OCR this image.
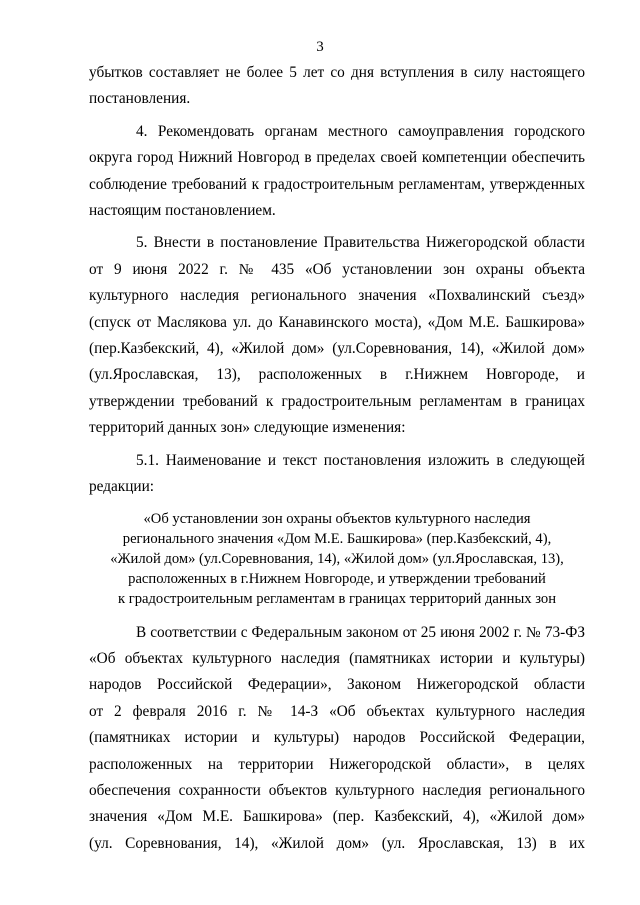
3

убытков составляет не более 5 лет со дня вступления в силу настоящего
постановления.

4. Рекомендовать органам местного самоуправления городского
округа город Нижний Новгород в пределах своей компетенции обеспечить
соблюдение требований к градостроительным регламентам, утвержденных
настоящим постановлением.

5. Внести в постановление Правительства Нижегородской области
от 9 июня 2022 г. № 435 «Об установлении зон охраны объекта
культурного наследия регионального значения «Похвалинский съезд»
(спуск от Маслякова ул. до Канавинского моста), «Дом М.Е. Башкирова»
(пер.Казбекский, 4), «Жилой дом» (ул.Соревнования, 14), «Жилой дом»
(ул.Ярославская, 13), расположенных в г.Нижнем Новгороде, и
утверждении требований к градостроительным регламентам в границах
территорий данных зон» следующие изменения:

5.1. Наименование и текст постановления изложить в следующей
редакции:

«Об установлении зон охраны объектов культурного наследия
регионального значения «Дом М.Е. Башкирова» (пер.Казбекский, 4),
«Жилой дом» (ул.Соревнования, 14), «Жилой дом» (ул.Ярославская, 13),
расположенных в г.Нижнем Новгороде, и утверждении требований
к градостроительным регламентам в границах территорий данных зон

В соответствии с Федеральным законом от 25 июня 2002 г. № 73-ФЗ
«Об объектах культурного наследия (памятниках истории и культуры)
народов Российской Федерации», Законом Нижегородской области
от 2 февраля 2016 г. № 14-З «Об объектах культурного наследия
(памятниках истории и культуры) народов Российской Федерации,
расположенных на территории Нижегородской области», в целях
обеспечения сохранности объектов культурного наследия регионального
значения «Дом М.Е. Башкирова» (пер. Казбекский, 4), «Жилой дом»
(ул. Соревнования, 14), «Жилой дом» (ул. Ярославская, 13) в их
